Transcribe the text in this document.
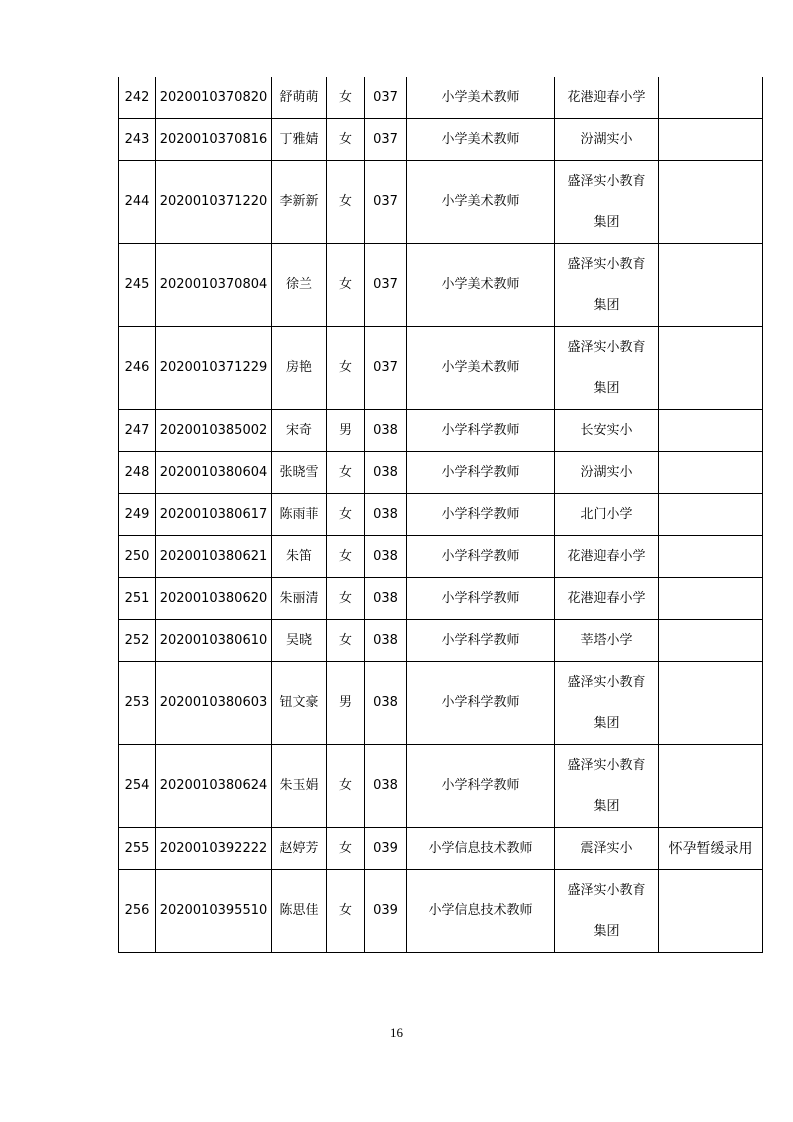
242	2020010370820	舒萌萌	女	037	小学美术教师	花港迎春小学	

243	2020010370816	丁雅婧	女	037	小学美术教师	汾湖实小	

244	2020010371220	李新新	女	037	小学美术教师	盛泽实小教育
集团	

245	2020010370804	徐兰	女	037	小学美术教师	盛泽实小教育
集团	

246	2020010371229	房艳	女	037	小学美术教师	盛泽实小教育
集团	

247	2020010385002	宋奇	男	038	小学科学教师	长安实小	

248	2020010380604	张晓雪	女	038	小学科学教师	汾湖实小	

249	2020010380617	陈雨菲	女	038	小学科学教师	北门小学	

250	2020010380621	朱笛	女	038	小学科学教师	花港迎春小学	

251	2020010380620	朱丽清	女	038	小学科学教师	花港迎春小学	

252	2020010380610	吴晓	女	038	小学科学教师	莘塔小学	

253	2020010380603	钮文豪	男	038	小学科学教师	盛泽实小教育
集团	

254	2020010380624	朱玉娟	女	038	小学科学教师	盛泽实小教育
集团	

255	2020010392222	赵婷芳	女	039	小学信息技术教师	震泽实小	怀孕暂缓录用
256	2020010395510	陈思佳	女	039	小学信息技术教师	盛泽实小教育
集团	

16
